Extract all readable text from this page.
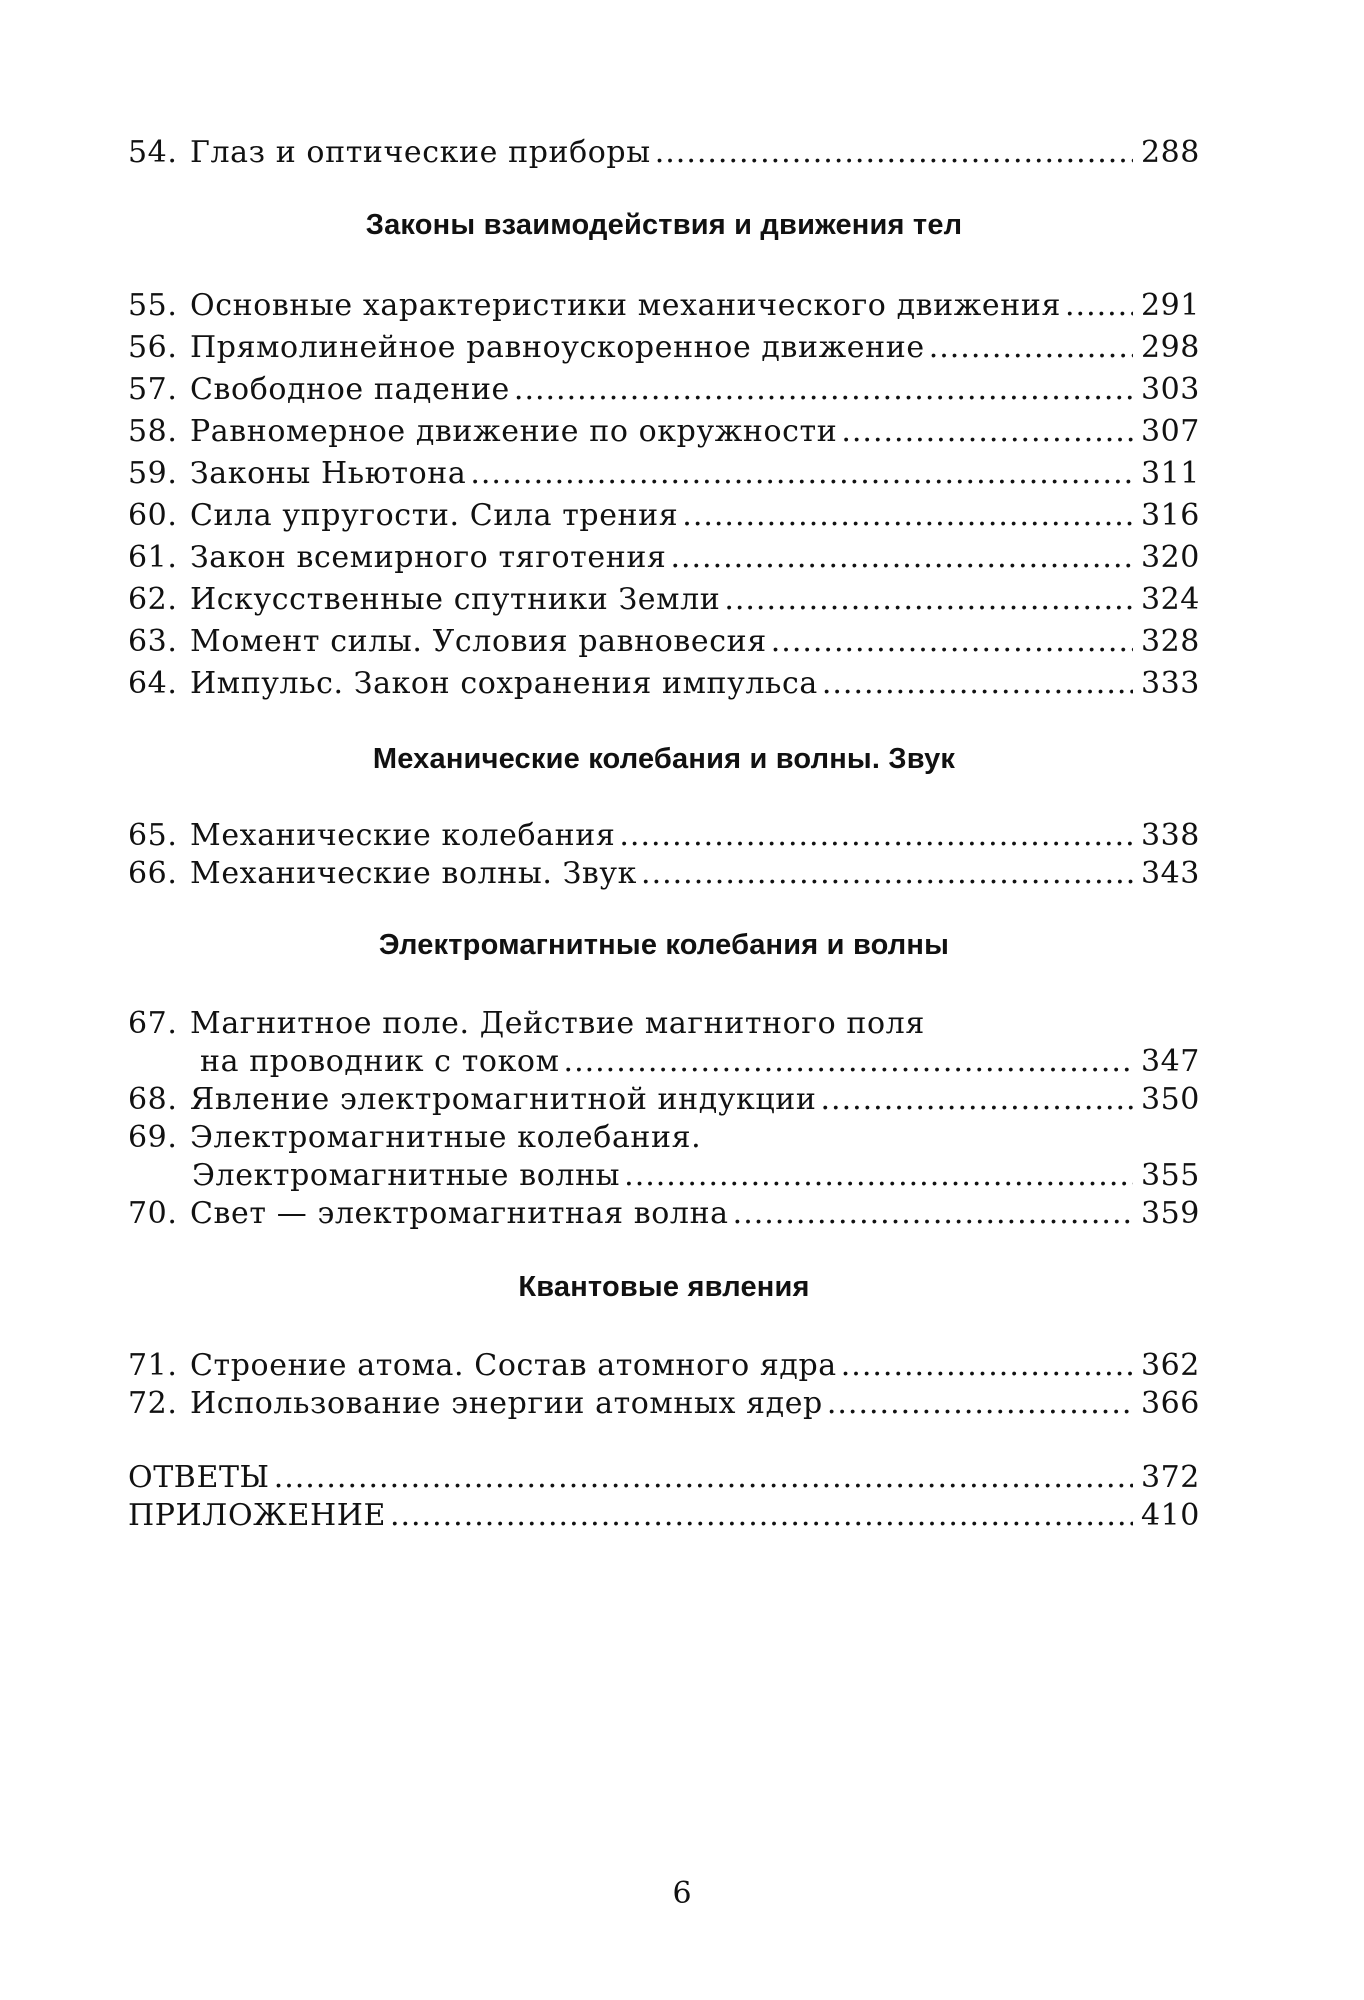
54. Глаз и оптические приборы .....	288
Законы взаимодействия и движения тел
55. Основные характеристики механического движения .....	291
56. Прямолинейное равноускоренное движение .....	298
57. Свободное падение .....	303
58. Равномерное движение по окружности .....	307
59. Законы Ньютона .....	311
60. Сила упругости. Сила трения .....	316
61. Закон всемирного тяготения .....	320
62. Искусственные спутники Земли .....	324
63. Момент силы. Условия равновесия .....	328
64. Импульс. Закон сохранения импульса .....	333
Механические колебания и волны. Звук
65. Механические колебания .....	338
66. Механические волны. Звук .....	343
Электромагнитные колебания и волны
67. Магнитное поле. Действие магнитного поля
на проводник с током .....	347
68. Явление электромагнитной индукции .....	350
69. Электромагнитные колебания.
Электромагнитные волны .....	355
70. Свет — электромагнитная волна .....	359
Квантовые явления
71. Строение атома. Состав атомного ядра .....	362
72. Использование энергии атомных ядер .....	366
ОТВЕТЫ .....	372
ПРИЛОЖЕНИЕ .....	410
6
